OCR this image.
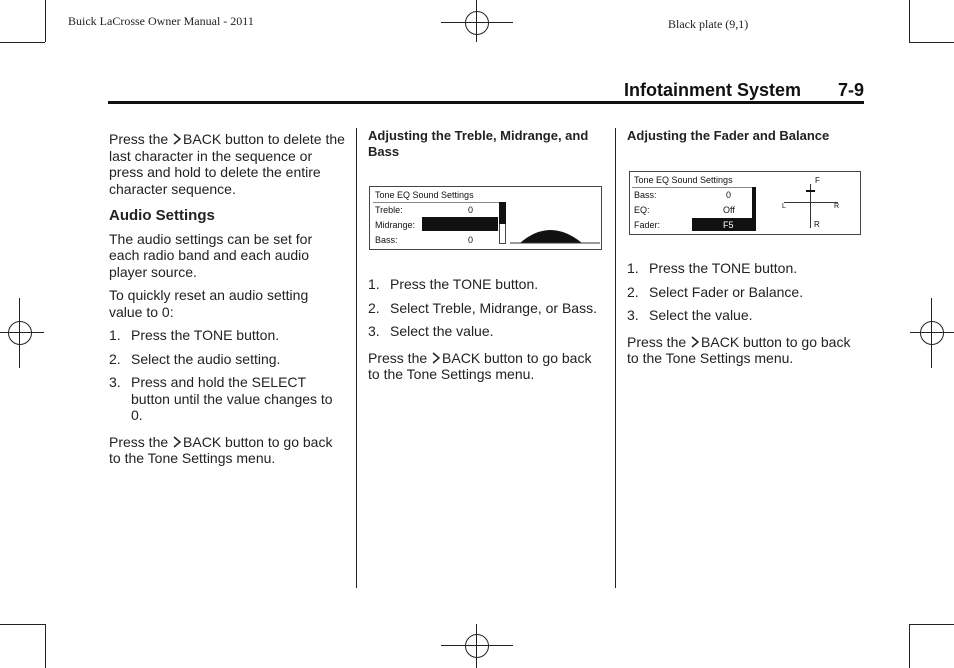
Buick LaCrosse Owner Manual - 2011	Black plate (9,1)
Infotainment System 7-9

Press the BACK button to delete the last character in the sequence or press and hold to delete the entire character sequence.

Audio Settings

The audio settings can be set for each radio band and each audio player source.

To quickly reset an audio setting value to 0:

1. Press the TONE button.
2. Select the audio setting.
3. Press and hold the SELECT button until the value changes to 0.

Press the BACK button to go back to the Tone Settings menu.

Adjusting the Treble, Midrange, and Bass
Tone EQ Sound Settings
Treble:	0
Midrange:
Bass:	0
1. Press the TONE button.
2. Select Treble, Midrange, or Bass.
3. Select the value.

Press the BACK button to go back to the Tone Settings menu.

Adjusting the Fader and Balance
Tone EQ Sound Settings
Bass:	0
EQ:	Off
Fader:	F5
F
L	R
R
1. Press the TONE button.
2. Select Fader or Balance.
3. Select the value.

Press the BACK button to go back to the Tone Settings menu.
